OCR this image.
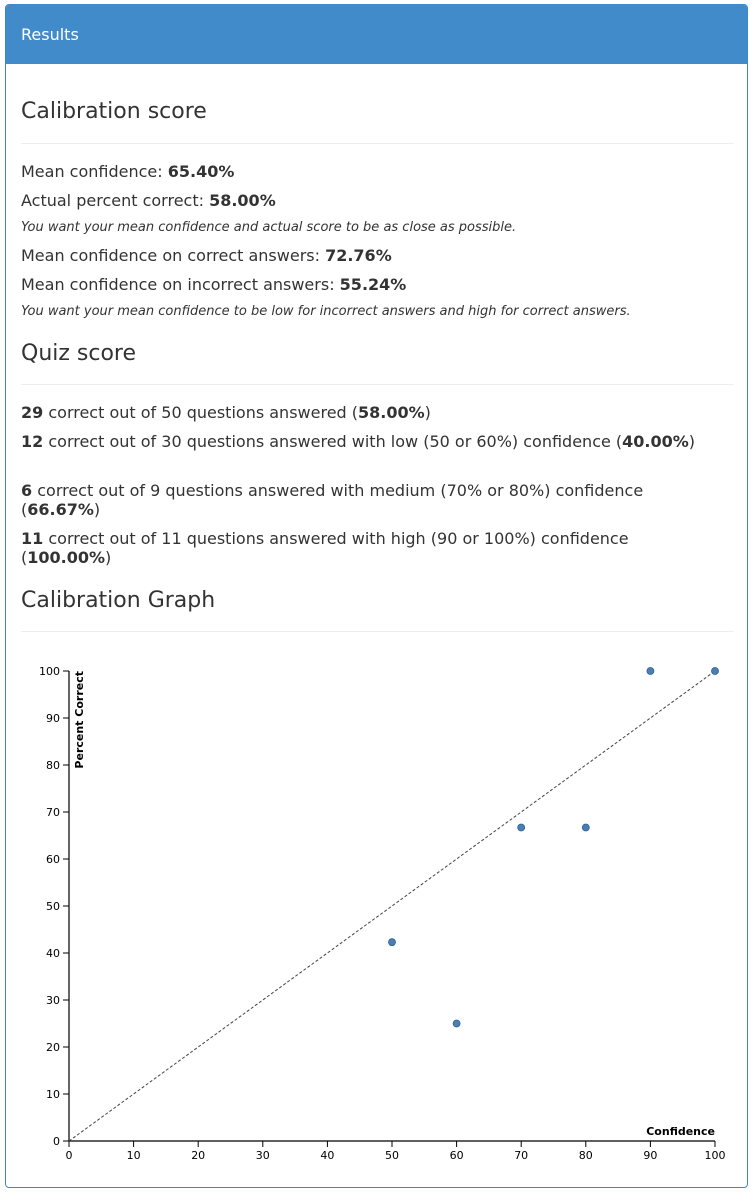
Results
Calibration score
Mean confidence: 65.40%
Actual percent correct: 58.00%
You want your mean confidence and actual score to be as close as possible.
Mean confidence on correct answers: 72.76%
Mean confidence on incorrect answers: 55.24%
You want your mean confidence to be low for incorrect answers and high for correct answers.
Quiz score
29 correct out of 50 questions answered (58.00%)
12 correct out of 30 questions answered with low (50 or 60%) confidence (40.00%)
6 correct out of 9 questions answered with medium (70% or 80%) confidence (66.67%)
11 correct out of 11 questions answered with high (90 or 100%) confidence (100.00%)
Calibration Graph
0	10	20	30	40	50	60	70	80	90	100
0
10
20
30
40
50
60
70
80
90
100
Confidence
Percent Correct
